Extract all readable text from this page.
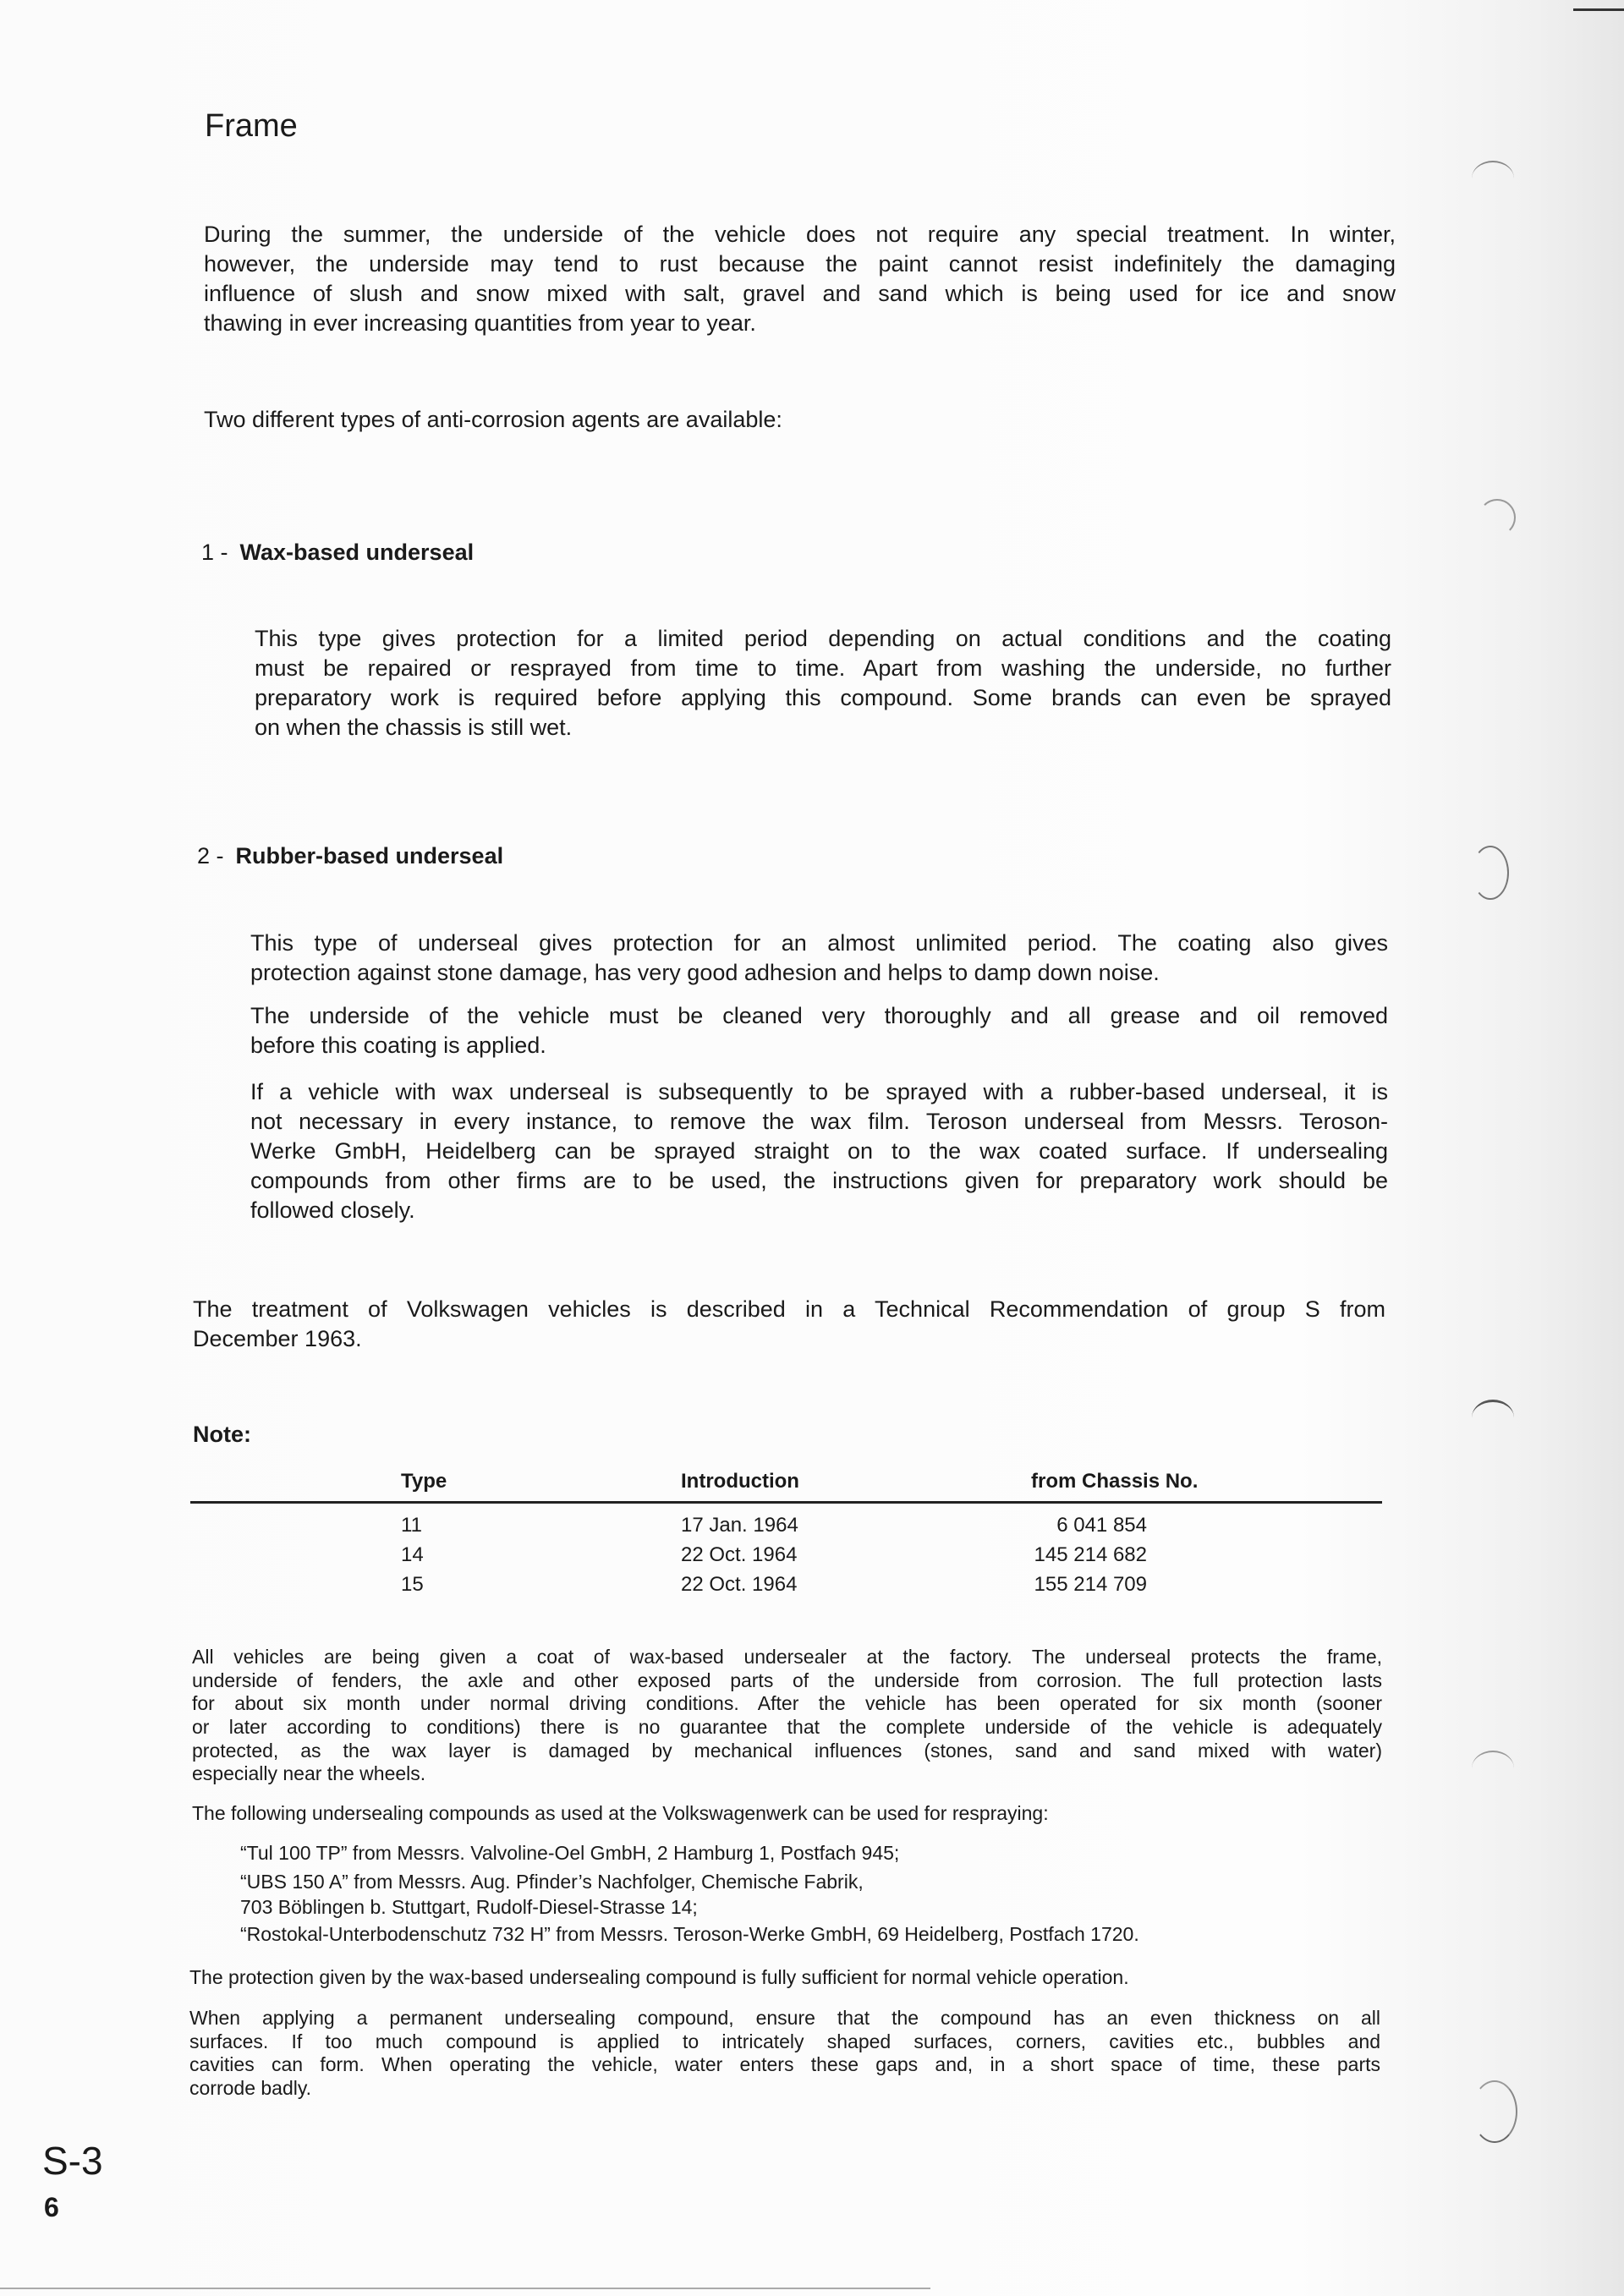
Frame
During the summer, the underside of the vehicle does not require any special treatment. In winter,
however, the underside may tend to rust because the paint cannot resist indefinitely the damaging
influence of slush and snow mixed with salt, gravel and sand which is being used for ice and snow
thawing in ever increasing quantities from year to year.
Two different types of anti-corrosion agents are available:
1 - Wax-based underseal
This type gives protection for a limited period depending on actual conditions and the coating
must be repaired or resprayed from time to time. Apart from washing the underside, no further
preparatory work is required before applying this compound. Some brands can even be sprayed
on when the chassis is still wet.
2 - Rubber-based underseal
This type of underseal gives protection for an almost unlimited period. The coating also gives
protection against stone damage, has very good adhesion and helps to damp down noise.
The underside of the vehicle must be cleaned very thoroughly and all grease and oil removed
before this coating is applied.
If a vehicle with wax underseal is subsequently to be sprayed with a rubber-based underseal, it is
not necessary in every instance, to remove the wax film. Teroson underseal from Messrs. Teroson-
Werke GmbH, Heidelberg can be sprayed straight on to the wax coated surface. If undersealing
compounds from other firms are to be used, the instructions given for preparatory work should be
followed closely.
The treatment of Volkswagen vehicles is described in a Technical Recommendation of group S from
December 1963.
Note:
Type	Introduction	from Chassis No.
11	17 Jan. 1964	6 041 854
14	22 Oct. 1964	145 214 682
15	22 Oct. 1964	155 214 709
All vehicles are being given a coat of wax-based undersealer at the factory. The underseal protects the frame,
underside of fenders, the axle and other exposed parts of the underside from corrosion. The full protection lasts
for about six month under normal driving conditions. After the vehicle has been operated for six month (sooner
or later according to conditions) there is no guarantee that the complete underside of the vehicle is adequately
protected, as the wax layer is damaged by mechanical influences (stones, sand and sand mixed with water)
especially near the wheels.
The following undersealing compounds as used at the Volkswagenwerk can be used for respraying:
“Tul 100 TP” from Messrs. Valvoline-Oel GmbH, 2 Hamburg 1, Postfach 945;
“UBS 150 A” from Messrs. Aug. Pfinder’s Nachfolger, Chemische Fabrik,
703 Böblingen b. Stuttgart, Rudolf-Diesel-Strasse 14;
“Rostokal-Unterbodenschutz 732 H” from Messrs. Teroson-Werke GmbH, 69 Heidelberg, Postfach 1720.
The protection given by the wax-based undersealing compound is fully sufficient for normal vehicle operation.
When applying a permanent undersealing compound, ensure that the compound has an even thickness on all
surfaces. If too much compound is applied to intricately shaped surfaces, corners, cavities etc., bubbles and
cavities can form. When operating the vehicle, water enters these gaps and, in a short space of time, these parts
corrode badly.
S-3
6
